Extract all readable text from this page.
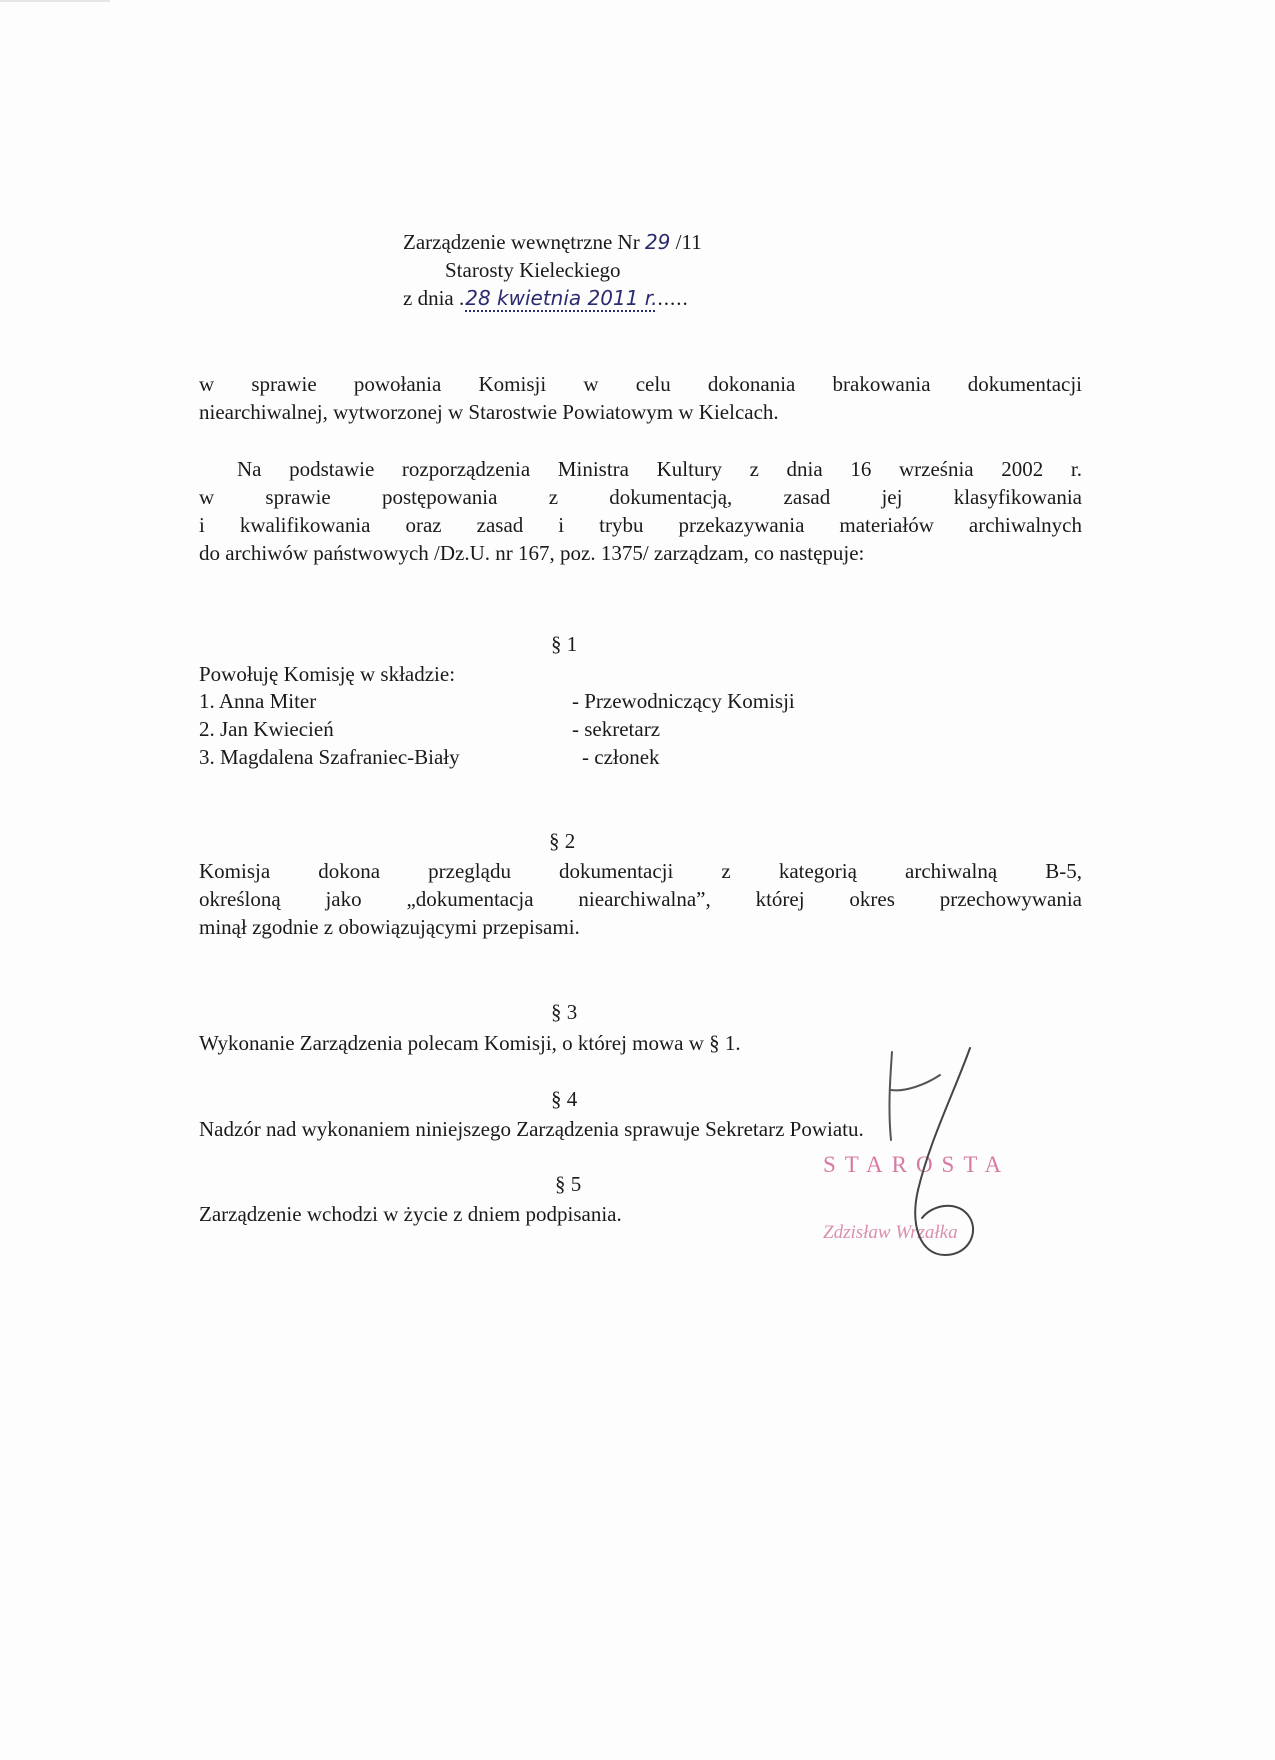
Zarządzenie wewnętrzne Nr 29 /11
Starosty Kieleckiego
z dnia .28 kwietnia 2011 r......
w sprawie powołania Komisji w celu dokonania brakowania dokumentacji
niearchiwalnej, wytworzonej w Starostwie Powiatowym w Kielcach.
Na podstawie rozporządzenia Ministra Kultury z dnia 16 września 2002 r.
w sprawie postępowania z dokumentacją, zasad jej klasyfikowania
i kwalifikowania oraz zasad i trybu przekazywania materiałów archiwalnych
do archiwów państwowych /Dz.U. nr 167, poz. 1375/ zarządzam, co następuje:
§ 1
Powołuję Komisję w składzie:
1. Anna Miter	- Przewodniczący Komisji
2. Jan Kwiecień	- sekretarz
3. Magdalena Szafraniec-Biały	- członek
§ 2
Komisja dokona przeglądu dokumentacji z kategorią archiwalną B-5,
określoną jako „dokumentacja niearchiwalna”, której okres przechowywania
minął zgodnie z obowiązującymi przepisami.
§ 3
Wykonanie Zarządzenia polecam Komisji, o której mowa w § 1.
§ 4
Nadzór nad wykonaniem niniejszego Zarządzenia sprawuje Sekretarz Powiatu.
§ 5
Zarządzenie wchodzi w życie z dniem podpisania.
STAROSTA
Zdzisław Wrzałka
